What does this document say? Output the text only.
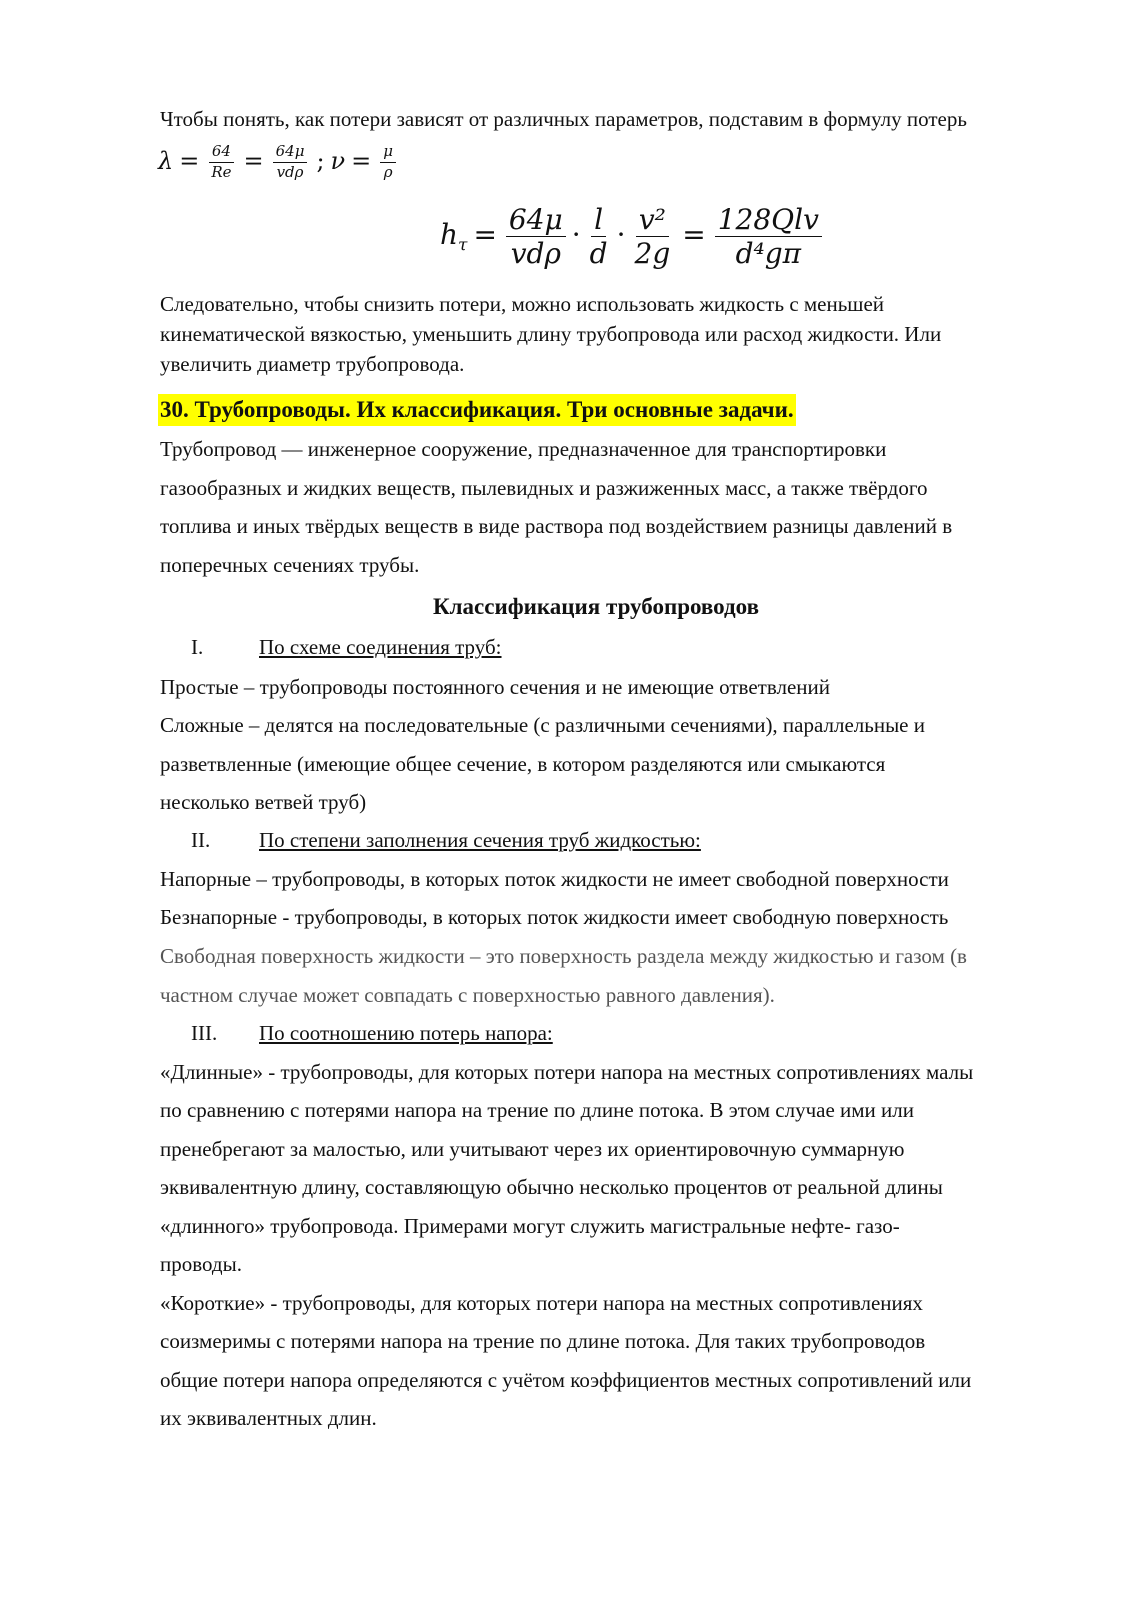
Чтобы понять, как потери зависят от различных параметров, подставим в формулу потерь
$\lambda = \frac{64}{Re} = \frac{64\mu}{\text{vdρ}}$ ; $\nu = \frac{\mu}{\rho}$
$h_\tau = \frac{64\mu}{\text{vdρ}} \cdot \frac{l}{d} \cdot \frac{\text{v²}}{2g} = \frac{\text{128Qlv}}{\text{d⁴gπ}}$
Следовательно, чтобы снизить потери, можно использовать жидкость с меньшей
кинематической вязкостью, уменьшить длину трубопровода или расход жидкости. Или
увеличить диаметр трубопровода.
30. Трубопроводы. Их классификация. Три основные задачи.
Трубопровод — инженерное сооружение, предназначенное для транспортировки
газообразных и жидких веществ, пылевидных и разжиженных масс, а также твёрдого
топлива и иных твёрдых веществ в виде раствора под воздействием разницы давлений в
поперечных сечениях трубы.
Классификация трубопроводов
I.	По схеме соединения труб:
Простые – трубопроводы постоянного сечения и не имеющие ответвлений
Сложные – делятся на последовательные (с различными сечениями), параллельные и
разветвленные (имеющие общее сечение, в котором разделяются или смыкаются
несколько ветвей труб)
II. По степени заполнения сечения труб жидкостью:
Напорные – трубопроводы, в которых поток жидкости не имеет свободной поверхности
Безнапорные - трубопроводы, в которых поток жидкости имеет свободную поверхность
Свободная поверхность жидкости – это поверхность раздела между жидкостью и газом (в
частном случае может совпадать с поверхностью равного давления).
III. По соотношению потерь напора:
«Длинные» - трубопроводы, для которых потери напора на местных сопротивлениях малы
по сравнению с потерями напора на трение по длине потока. В этом случае ими или
пренебрегают за малостью, или учитывают через их ориентировочную суммарную
эквивалентную длину, составляющую обычно несколько процентов от реальной длины
«длинного» трубопровода. Примерами могут служить магистральные нефте- газо-
проводы.
«Короткие» - трубопроводы, для которых потери напора на местных сопротивлениях
соизмеримы с потерями напора на трение по длине потока. Для таких трубопроводов
общие потери напора определяются с учётом коэффициентов местных сопротивлений или
их эквивалентных длин.
